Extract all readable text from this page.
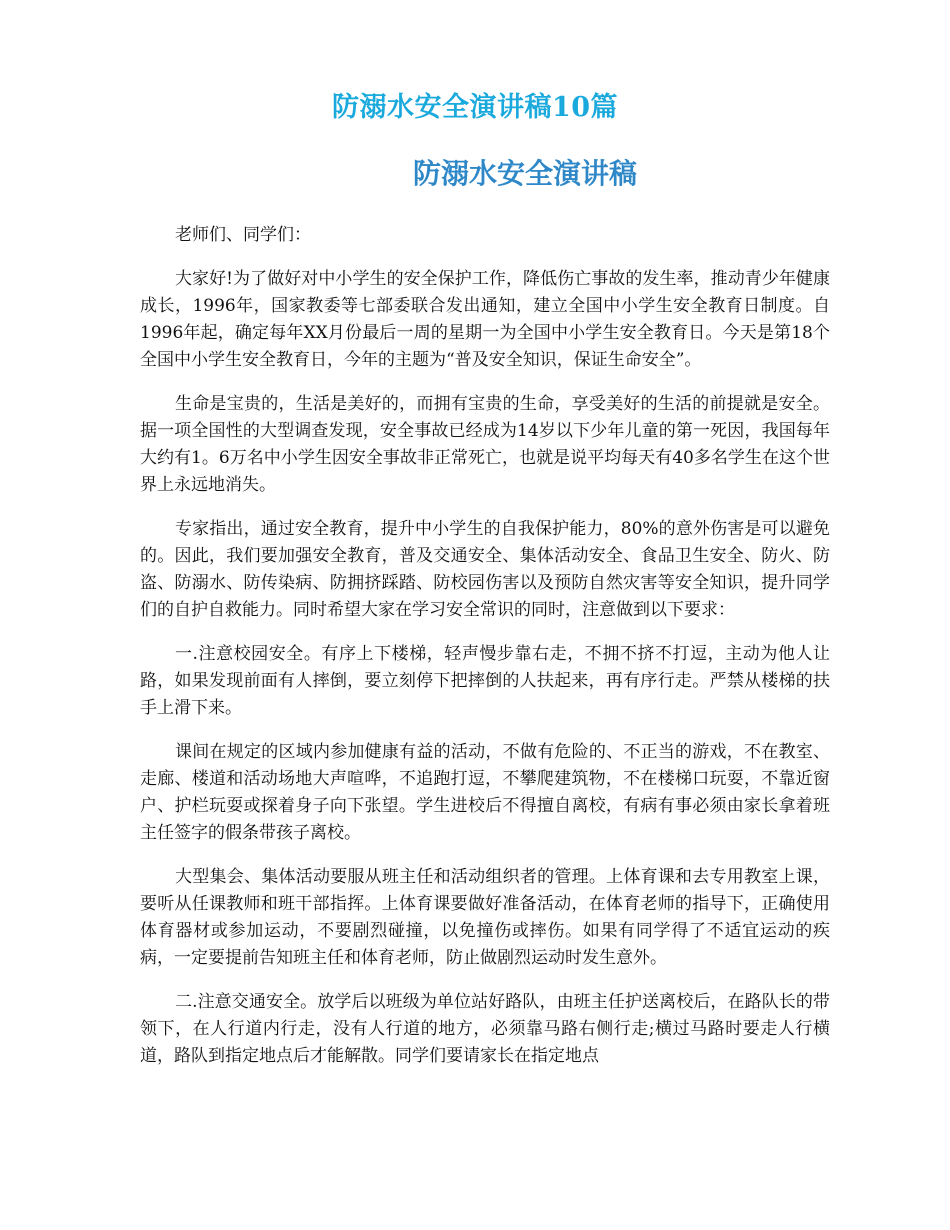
防溺水安全演讲稿10篇
防溺水安全演讲稿

老师们、同学们：

大家好!为了做好对中小学生的安全保护工作，降低伤亡事故的发生率，推动青少年健康成长，1996年，国家教委等七部委联合发出通知，建立全国中小学生安全教育日制度。自1996年起，确定每年XX月份最后一周的星期一为全国中小学生安全教育日。今天是第18个全国中小学生安全教育日，今年的主题为“普及安全知识，保证生命安全”。

生命是宝贵的，生活是美好的，而拥有宝贵的生命，享受美好的生活的前提就是安全。据一项全国性的大型调查发现，安全事故已经成为14岁以下少年儿童的第一死因，我国每年大约有1。6万名中小学生因安全事故非正常死亡，也就是说平均每天有40多名学生在这个世界上永远地消失。

专家指出，通过安全教育，提升中小学生的自我保护能力，80%的意外伤害是可以避免的。因此，我们要加强安全教育，普及交通安全、集体活动安全、食品卫生安全、防火、防盗、防溺水、防传染病、防拥挤踩踏、防校园伤害以及预防自然灾害等安全知识，提升同学们的自护自救能力。同时希望大家在学习安全常识的同时，注意做到以下要求：

一.注意校园安全。有序上下楼梯，轻声慢步靠右走，不拥不挤不打逗，主动为他人让路，如果发现前面有人摔倒，要立刻停下把摔倒的人扶起来，再有序行走。严禁从楼梯的扶手上滑下来。

课间在规定的区域内参加健康有益的活动，不做有危险的、不正当的游戏，不在教室、走廊、楼道和活动场地大声喧哗，不追跑打逗，不攀爬建筑物，不在楼梯口玩耍，不靠近窗户、护栏玩耍或探着身子向下张望。学生进校后不得擅自离校，有病有事必须由家长拿着班主任签字的假条带孩子离校。

大型集会、集体活动要服从班主任和活动组织者的管理。上体育课和去专用教室上课，要听从任课教师和班干部指挥。上体育课要做好准备活动，在体育老师的指导下，正确使用体育器材或参加运动，不要剧烈碰撞，以免撞伤或摔伤。如果有同学得了不适宜运动的疾病，一定要提前告知班主任和体育老师，防止做剧烈运动时发生意外。

二.注意交通安全。放学后以班级为单位站好路队，由班主任护送离校后，在路队长的带领下，在人行道内行走，没有人行道的地方，必须靠马路右侧行走;横过马路时要走人行横道，路队到指定地点后才能解散。同学们要请家长在指定地点
